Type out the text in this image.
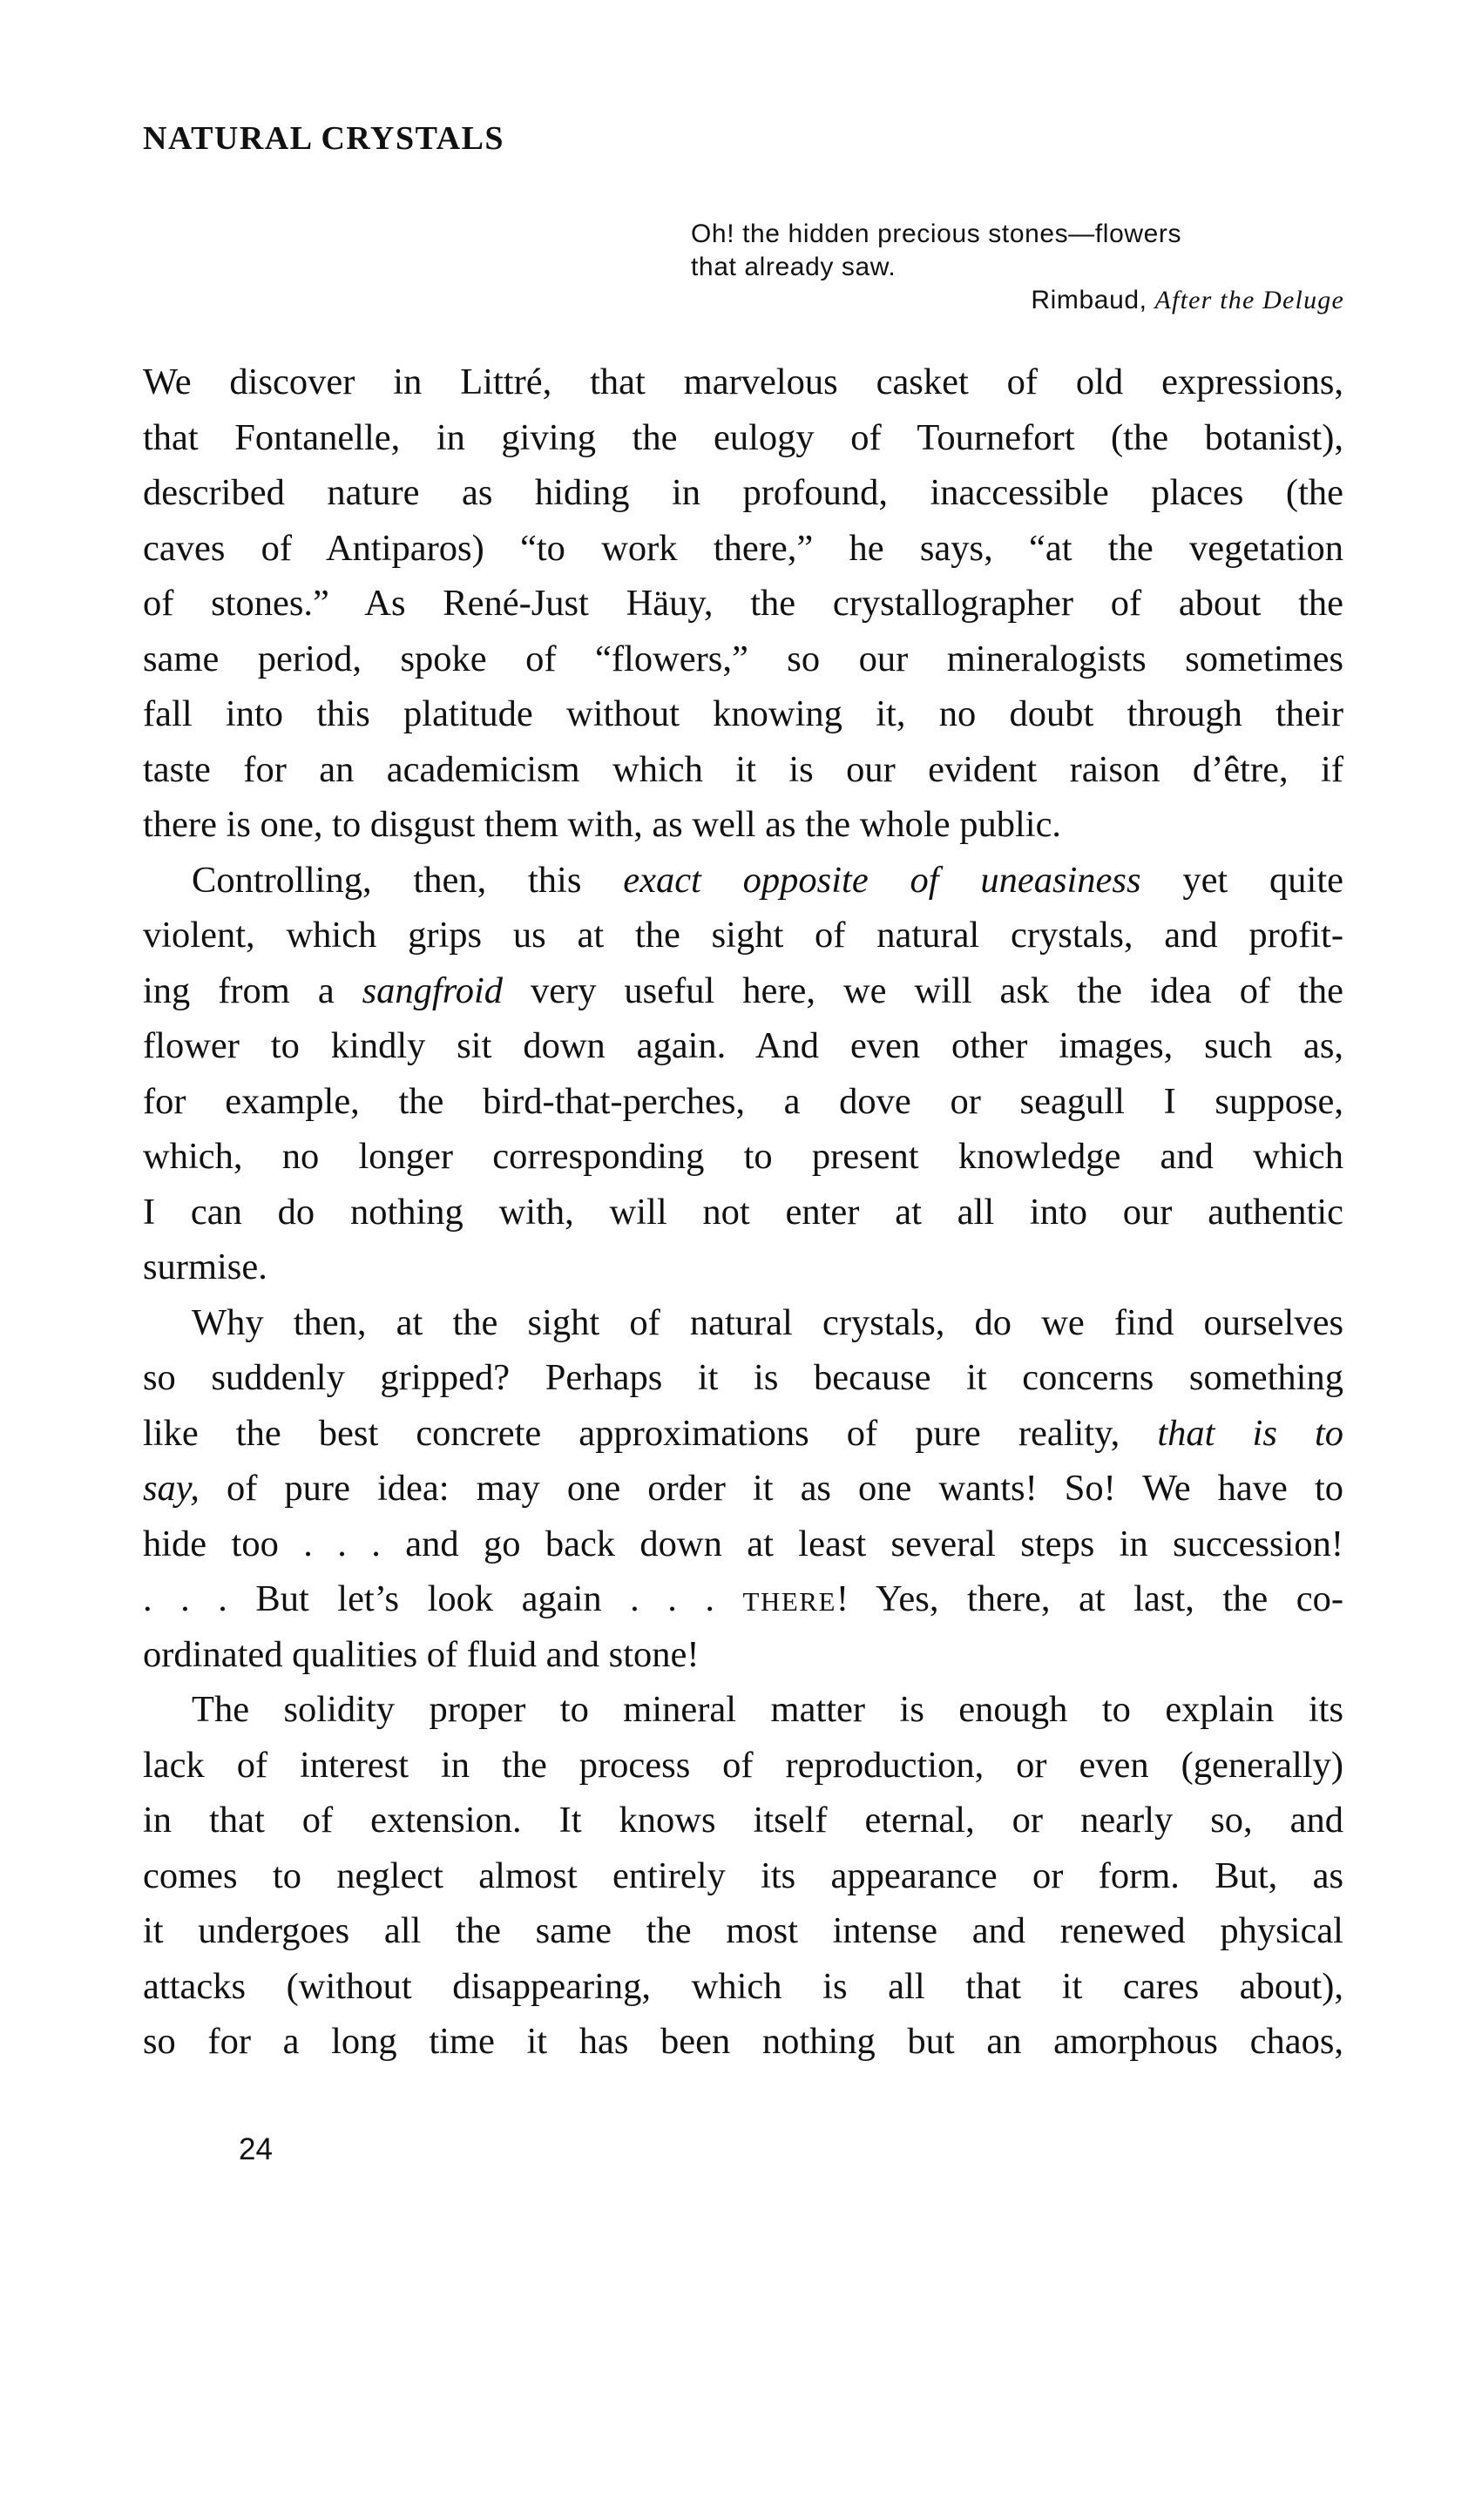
NATURAL CRYSTALS
Oh! the hidden precious stones—flowers
that already saw.
Rimbaud, After the Deluge
We discover in Littré, that marvelous casket of old expressions,
that Fontanelle, in giving the eulogy of Tournefort (the botanist),
described nature as hiding in profound, inaccessible places (the
caves of Antiparos) “to work there,” he says, “at the vegetation
of stones.” As René-Just Häuy, the crystallographer of about the
same period, spoke of “flowers,” so our mineralogists sometimes
fall into this platitude without knowing it, no doubt through their
taste for an academicism which it is our evident raison d’être, if
there is one, to disgust them with, as well as the whole public.
Controlling, then, this exact opposite of uneasiness yet quite
violent, which grips us at the sight of natural crystals, and profit-
ing from a sangfroid very useful here, we will ask the idea of the
flower to kindly sit down again. And even other images, such as,
for example, the bird-that-perches, a dove or seagull I suppose,
which, no longer corresponding to present knowledge and which
I can do nothing with, will not enter at all into our authentic
surmise.
Why then, at the sight of natural crystals, do we find ourselves
so suddenly gripped? Perhaps it is because it concerns something
like the best concrete approximations of pure reality, that is to
say, of pure idea: may one order it as one wants! So! We have to
hide too . . . and go back down at least several steps in succession!
. . . But let’s look again . . . THERE! Yes, there, at last, the co-
ordinated qualities of fluid and stone!
The solidity proper to mineral matter is enough to explain its
lack of interest in the process of reproduction, or even (generally)
in that of extension. It knows itself eternal, or nearly so, and
comes to neglect almost entirely its appearance or form. But, as
it undergoes all the same the most intense and renewed physical
attacks (without disappearing, which is all that it cares about),
so for a long time it has been nothing but an amorphous chaos,
24
